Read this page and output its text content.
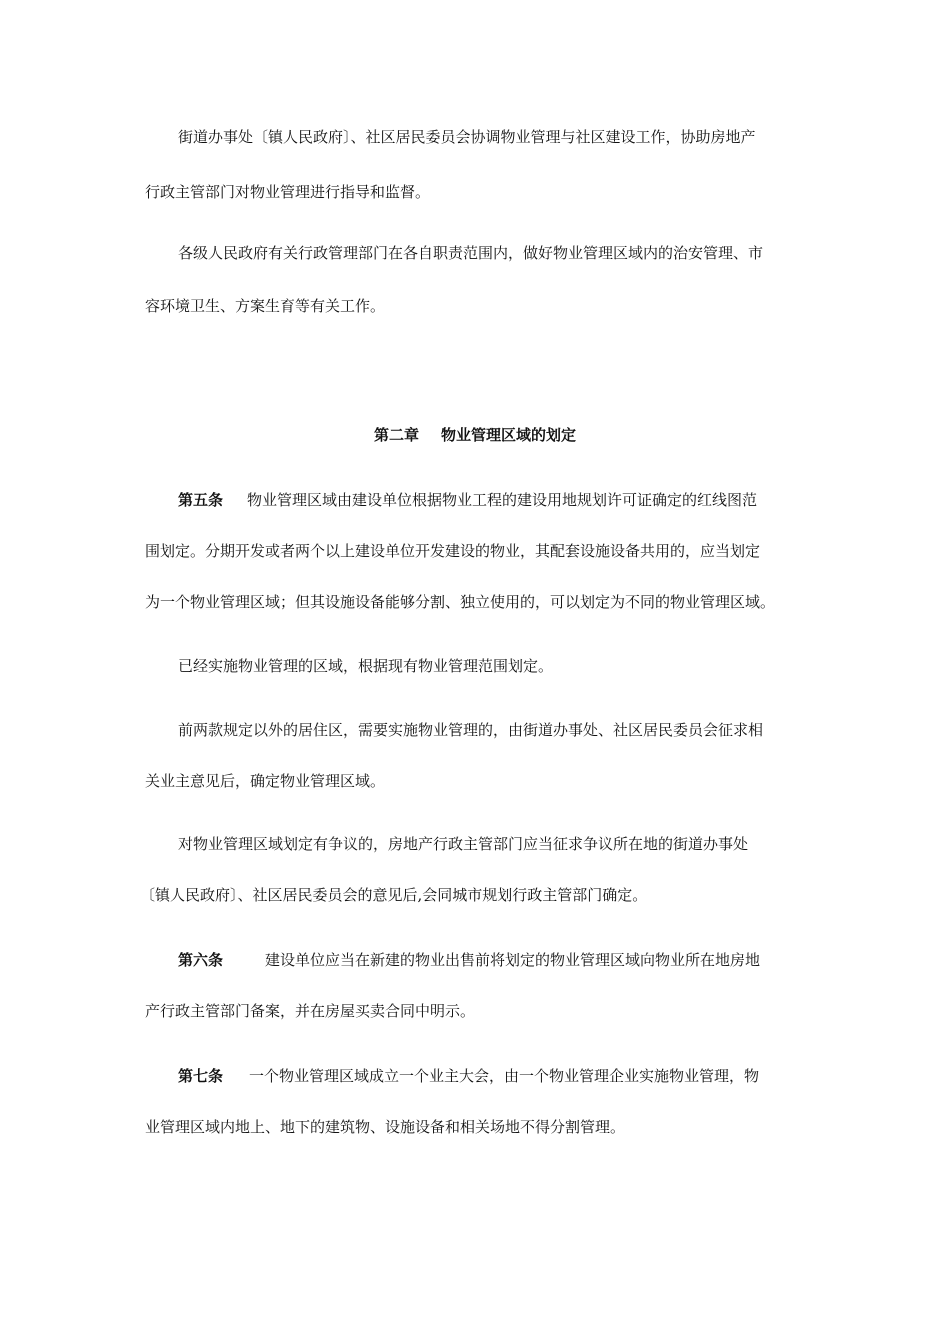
街道办事处〔镇人民政府〕、社区居民委员会协调物业管理与社区建设工作，协助房地产
行政主管部门对物业管理进行指导和监督。
各级人民政府有关行政管理部门在各自职责范围内，做好物业管理区域内的治安管理、市
容环境卫生、方案生育等有关工作。
第二章 物业管理区域的划定
第五条 物业管理区域由建设单位根据物业工程的建设用地规划许可证确定的红线图范
围划定。分期开发或者两个以上建设单位开发建设的物业，其配套设施设备共用的，应当划定
为一个物业管理区域；但其设施设备能够分割、独立使用的，可以划定为不同的物业管理区域。
已经实施物业管理的区域，根据现有物业管理范围划定。
前两款规定以外的居住区，需要实施物业管理的，由街道办事处、社区居民委员会征求相
关业主意见后，确定物业管理区域。
对物业管理区域划定有争议的，房地产行政主管部门应当征求争议所在地的街道办事处
〔镇人民政府〕、社区居民委员会的意见后,会同城市规划行政主管部门确定。
第六条	建设单位应当在新建的物业出售前将划定的物业管理区域向物业所在地房地
产行政主管部门备案，并在房屋买卖合同中明示。
第七条 一个物业管理区域成立一个业主大会，由一个物业管理企业实施物业管理，物
业管理区域内地上、地下的建筑物、设施设备和相关场地不得分割管理。
